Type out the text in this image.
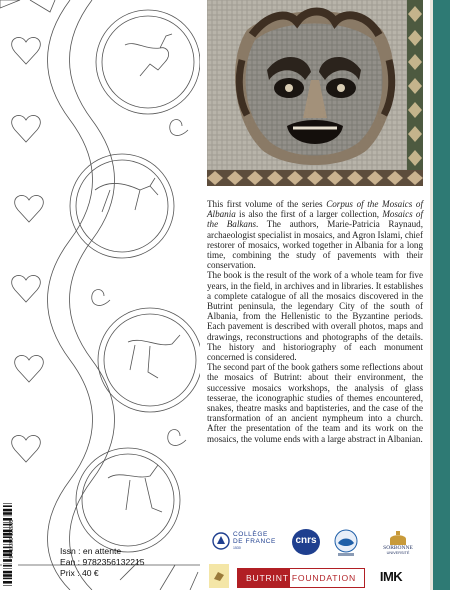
This first volume of the series Corpus of the Mosaics of Albania is also the first of a larger collection, Mosaics of the Balkans. The authors, Marie-Patricia Raynaud, archaeologist specialist in mosaics, and Agron Islami, chief restorer of mosaics, worked together in Albania for a long time, combining the study of pavements with their conservation.

The book is the result of the work of a whole team for five years, in the field, in archives and in libraries. It establishes a complete catalogue of all the mosaics discovered in the Butrint peninsula, the legendary City of the south of Albania, from the Hellenistic to the Byzantine periods. Each pavement is described with overall photos, maps and drawings, reconstructions and photographs of the details. The history and historiography of each monument concerned is considered.

The second part of the book gathers some reflections about the mosaics of Butrint: about their environment, the successive mosaics workshops, the analysis of glass tesserae, the iconographic studies of themes encountered, snakes, theatre masks and baptisteries, and the case of the transformation of an ancient nympheum into a church. After the presentation of the team and its work on the mosaics, the volume ends with a large abstract in Albanian.

9 782356 132215	Issn : en attente
Ean : 9782356132215
Prix : 40 €
COLLÈGE
DE FRANCE
1530
cnrs
SORBONNE
UNIVERSITÉ
BUTRINT FOUNDATION IMK
